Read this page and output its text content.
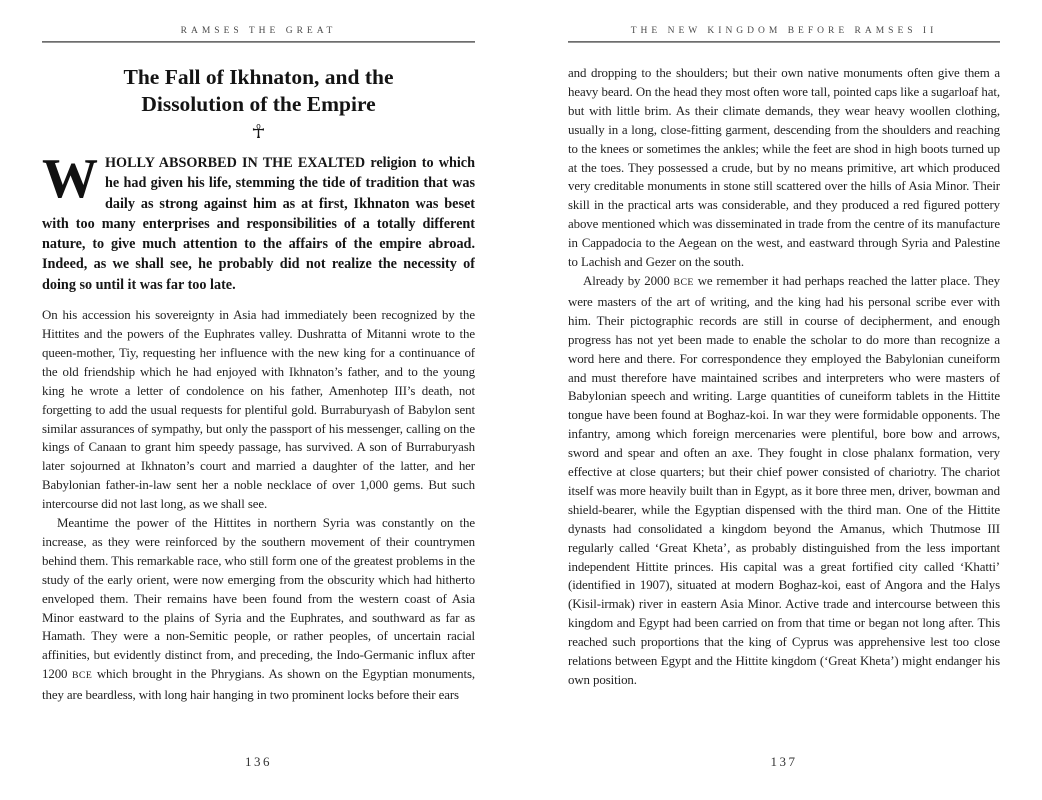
RAMSES THE GREAT
The Fall of Ikhnaton, and the
Dissolution of the Empire
☥

WHOLLY ABSORBED IN THE EXALTED religion to which he had given his life, stemming the tide of tradition that was daily as strong against him as at first, Ikhnaton was beset with too many enterprises and responsibilities of a totally different nature, to give much attention to the affairs of the empire abroad. Indeed, as we shall see, he probably did not realize the necessity of doing so until it was far too late.

On his accession his sovereignty in Asia had immediately been recognized by the Hittites and the powers of the Euphrates valley. Dushratta of Mitanni wrote to the queen-mother, Tiy, requesting her influence with the new king for a continuance of the old friendship which he had enjoyed with Ikhnaton’s father, and to the young king he wrote a letter of condolence on his father, Amenhotep III’s death, not forgetting to add the usual requests for plentiful gold. Burraburyash of Babylon sent similar assurances of sympathy, but only the passport of his messenger, calling on the kings of Canaan to grant him speedy passage, has survived. A son of Burraburyash later sojourned at Ikhnaton’s court and married a daughter of the latter, and her Babylonian father-in-law sent her a noble necklace of over 1,000 gems. But such intercourse did not last long, as we shall see.

Meantime the power of the Hittites in northern Syria was constantly on the increase, as they were reinforced by the southern movement of their countrymen behind them. This remarkable race, who still form one of the greatest problems in the study of the early orient, were now emerging from the obscurity which had hitherto enveloped them. Their remains have been found from the western coast of Asia Minor eastward to the plains of Syria and the Euphrates, and southward as far as Hamath. They were a non-Semitic people, or rather peoples, of uncertain racial affinities, but evidently distinct from, and preceding, the Indo-Germanic influx after 1200 BCE which brought in the Phrygians. As shown on the Egyptian monuments, they are beardless, with long hair hanging in two prominent locks before their ears

136
THE NEW KINGDOM BEFORE RAMSES II

and dropping to the shoulders; but their own native monuments often give them a heavy beard. On the head they most often wore tall, pointed caps like a sugarloaf hat, but with little brim. As their climate demands, they wear heavy woollen clothing, usually in a long, close-fitting garment, descending from the shoulders and reaching to the knees or sometimes the ankles; while the feet are shod in high boots turned up at the toes. They possessed a crude, but by no means primitive, art which produced very creditable monuments in stone still scattered over the hills of Asia Minor. Their skill in the practical arts was considerable, and they produced a red figured pottery above mentioned which was disseminated in trade from the centre of its manufacture in Cappadocia to the Aegean on the west, and eastward through Syria and Palestine to Lachish and Gezer on the south.

Already by 2000 BCE we remember it had perhaps reached the latter place. They were masters of the art of writing, and the king had his personal scribe ever with him. Their pictographic records are still in course of decipherment, and enough progress has not yet been made to enable the scholar to do more than recognize a word here and there. For correspondence they employed the Babylonian cuneiform and must therefore have maintained scribes and interpreters who were masters of Babylonian speech and writing. Large quantities of cuneiform tablets in the Hittite tongue have been found at Boghaz-koi. In war they were formidable opponents. The infantry, among which foreign mercenaries were plentiful, bore bow and arrows, sword and spear and often an axe. They fought in close phalanx formation, very effective at close quarters; but their chief power consisted of chariotry. The chariot itself was more heavily built than in Egypt, as it bore three men, driver, bowman and shield-bearer, while the Egyptian dispensed with the third man. One of the Hittite dynasts had consolidated a kingdom beyond the Amanus, which Thutmose III regularly called ‘Great Kheta’, as probably distinguished from the less important independent Hittite princes. His capital was a great fortified city called ‘Khatti’ (identified in 1907), situated at modern Boghaz-koi, east of Angora and the Halys (Kisil-irmak) river in eastern Asia Minor. Active trade and intercourse between this kingdom and Egypt had been carried on from that time or began not long after. This reached such proportions that the king of Cyprus was apprehensive lest too close relations between Egypt and the Hittite kingdom (‘Great Kheta’) might endanger his own position.

137
